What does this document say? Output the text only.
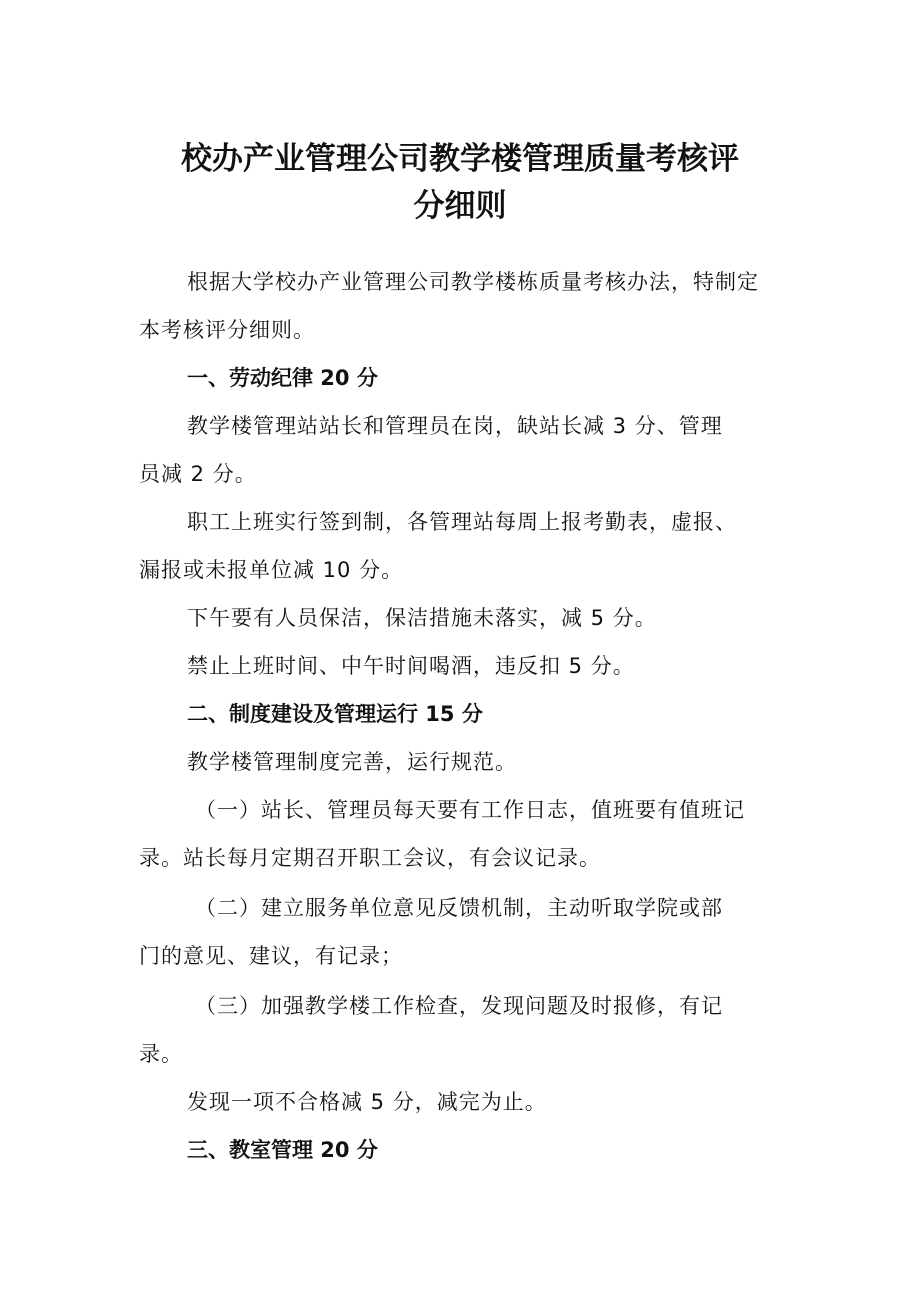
校办产业管理公司教学楼管理质量考核评
分细则
根据大学校办产业管理公司教学楼栋质量考核办法，特制定
本考核评分细则。
一、劳动纪律 20 分
教学楼管理站站长和管理员在岗，缺站长减 3 分、管理
员减 2 分。
职工上班实行签到制，各管理站每周上报考勤表，虚报、
漏报或未报单位减 10 分。
下午要有人员保洁，保洁措施未落实，减 5 分。
禁止上班时间、中午时间喝酒，违反扣 5 分。
二、制度建设及管理运行 15 分
教学楼管理制度完善，运行规范。
（一）站长、管理员每天要有工作日志，值班要有值班记
录。站长每月定期召开职工会议，有会议记录。
（二）建立服务单位意见反馈机制，主动听取学院或部
门的意见、建议，有记录；
（三）加强教学楼工作检查，发现问题及时报修，有记
录。
发现一项不合格减 5 分，减完为止。
三、教室管理 20 分
